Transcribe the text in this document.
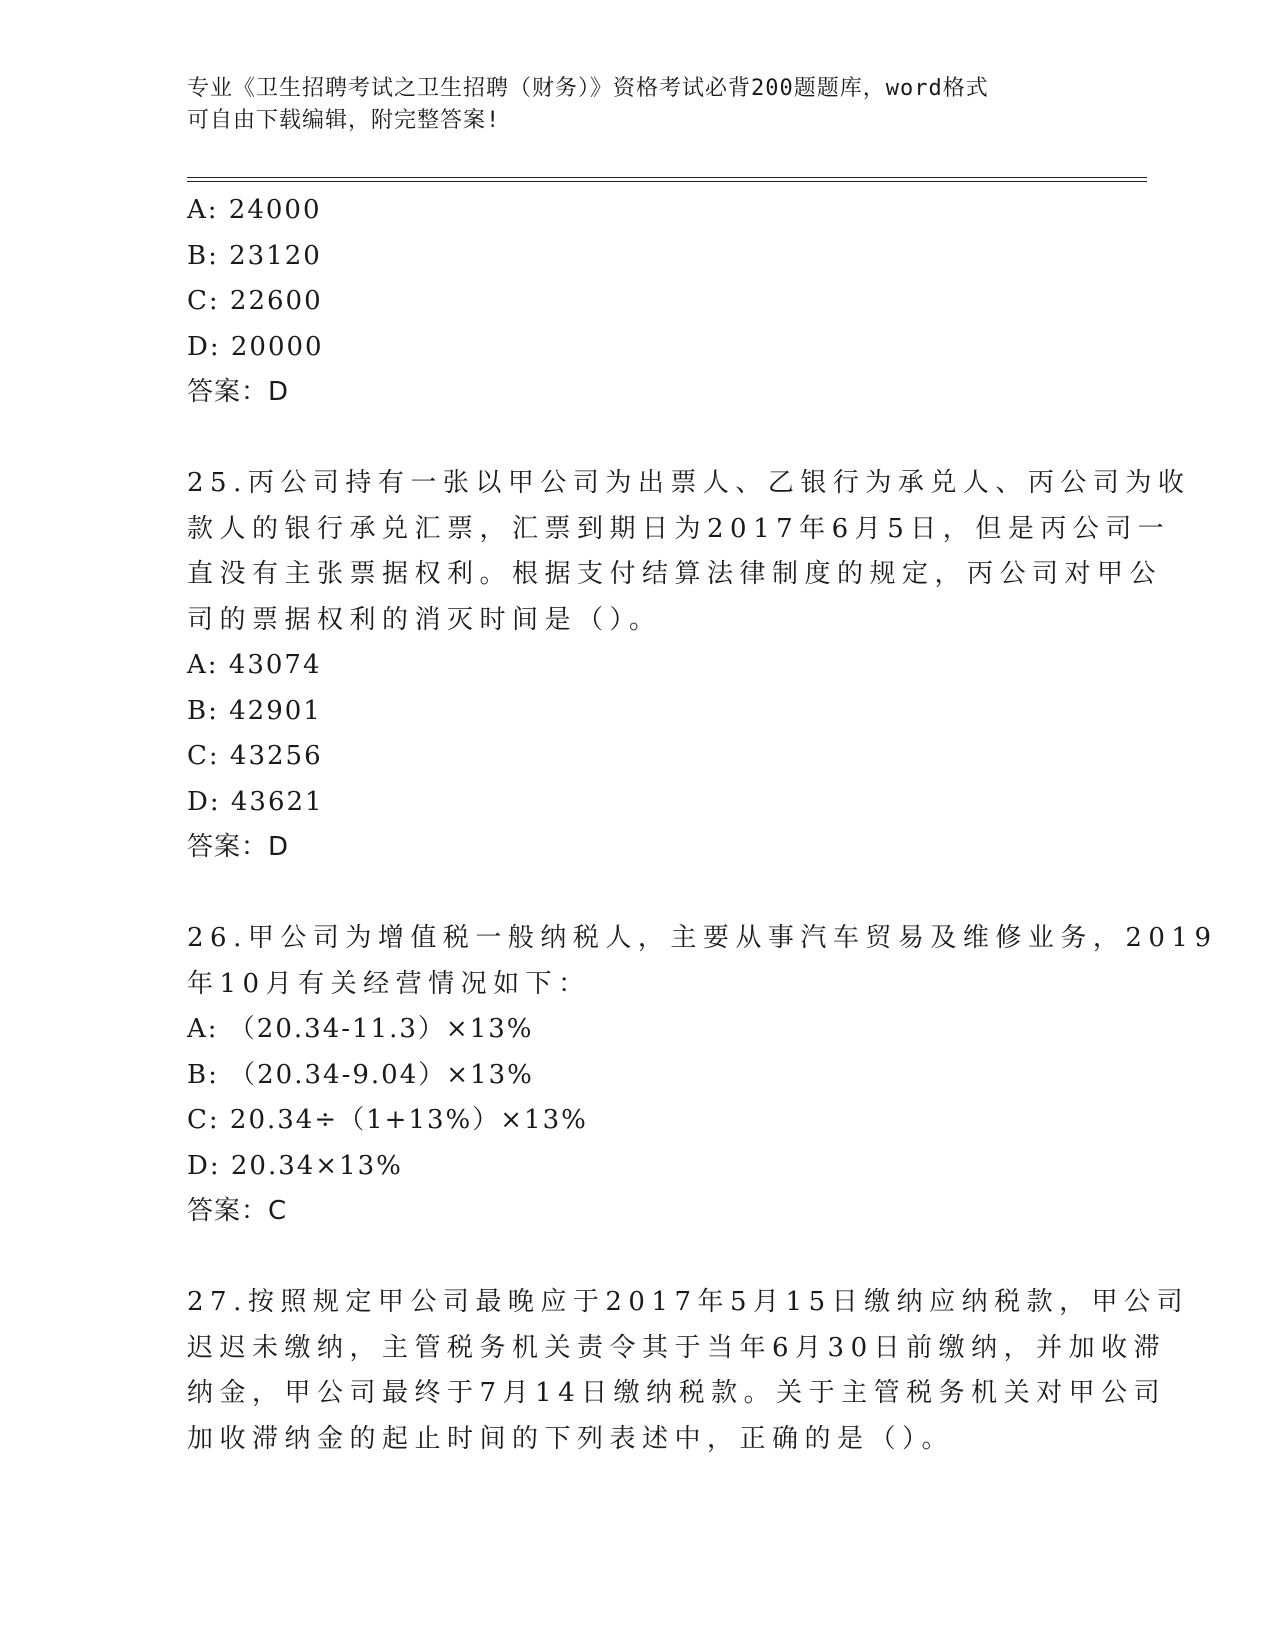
专业《卫生招聘考试之卫生招聘（财务）》资格考试必背200题题库，word格式
可自由下载编辑，附完整答案!
A: 24000
B: 23120
C: 22600
D: 20000
答案：D
25.丙公司持有一张以甲公司为出票人、乙银行为承兑人、丙公司为收
款人的银行承兑汇票，汇票到期日为2017年6月5日，但是丙公司一
直没有主张票据权利。根据支付结算法律制度的规定，丙公司对甲公
司的票据权利的消灭时间是（）。
A: 43074
B: 42901
C: 43256
D: 43621
答案：D
26.甲公司为增值税一般纳税人，主要从事汽车贸易及维修业务，2019
年10月有关经营情况如下：
A: （20.34-11.3）×13%
B: （20.34-9.04）×13%
C: 20.34÷（1+13%）×13%
D: 20.34×13%
答案：C
27.按照规定甲公司最晚应于2017年5月15日缴纳应纳税款，甲公司
迟迟未缴纳，主管税务机关责令其于当年6月30日前缴纳，并加收滞
纳金，甲公司最终于7月14日缴纳税款。关于主管税务机关对甲公司
加收滞纳金的起止时间的下列表述中，正确的是（）。
